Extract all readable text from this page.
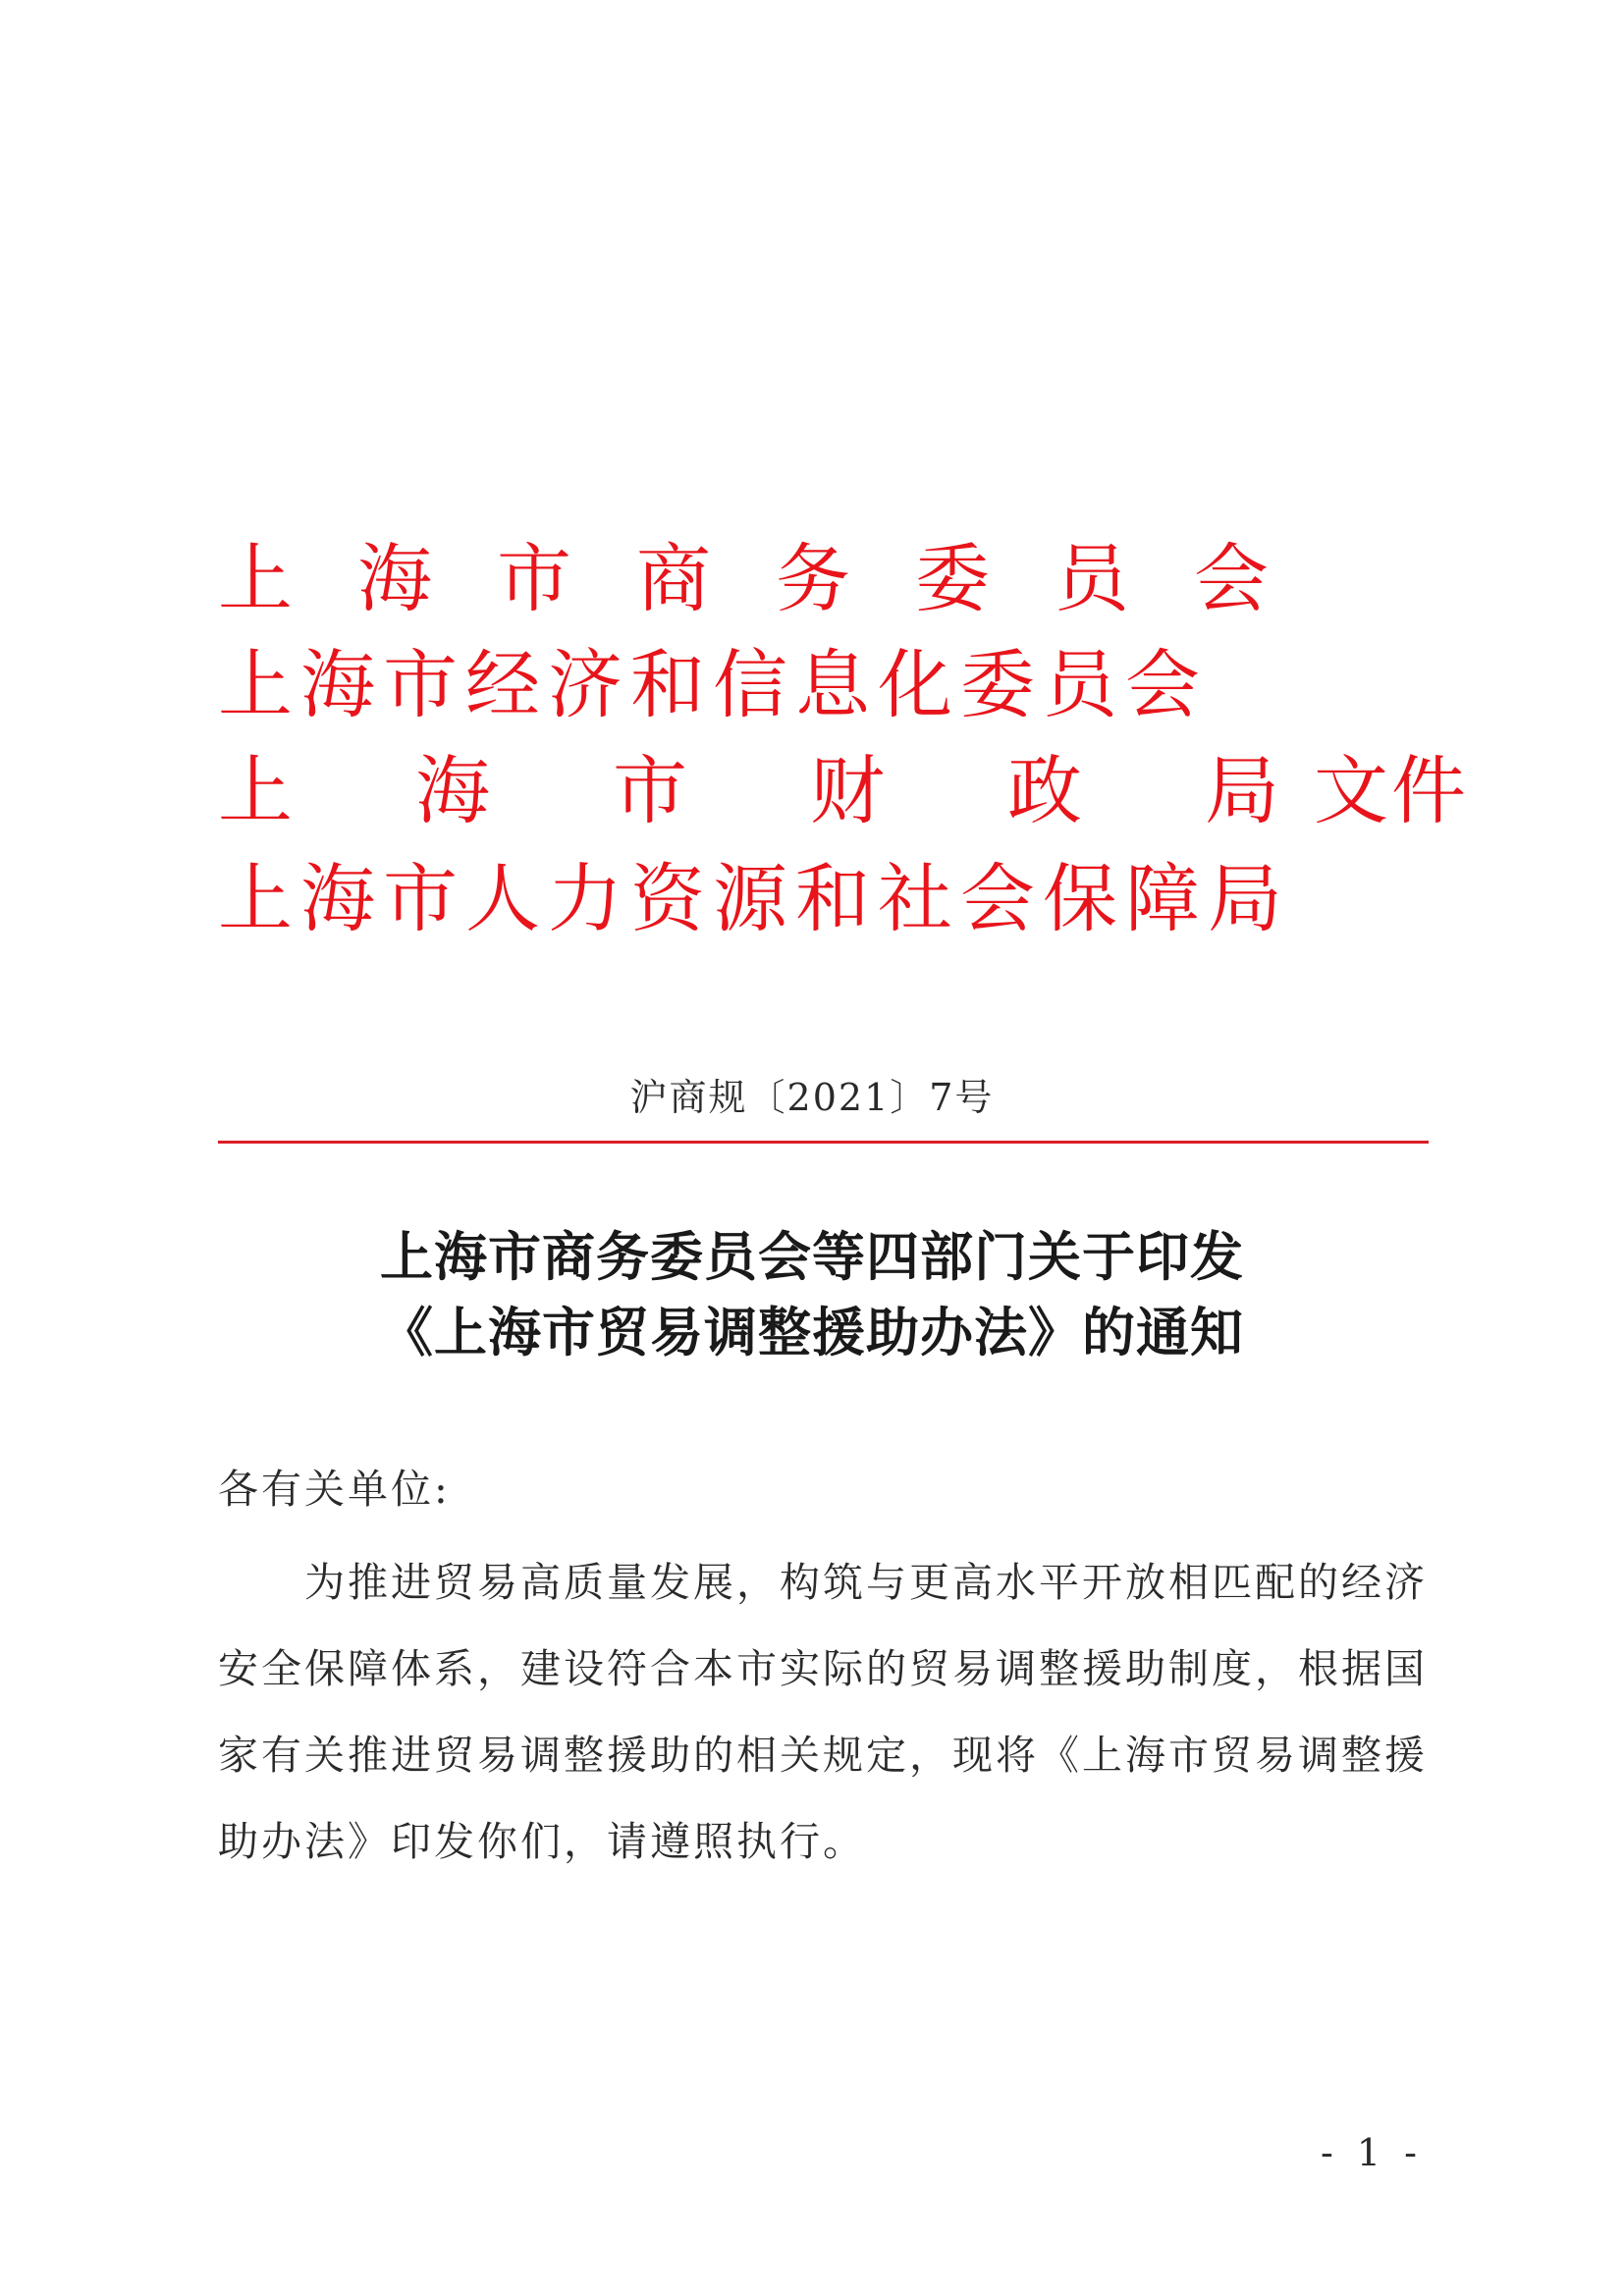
上 海 市 商 务 委 员 会
上海市经济和信息化委员会
上 海 市 财 政 局 文件
上海市人力资源和社会保障局
沪商规〔2021〕7号
上海市商务委员会等四部门关于印发
《上海市贸易调整援助办法》的通知
各有关单位:
　　为推进贸易高质量发展，构筑与更高水平开放相匹配的经济
安全保障体系，建设符合本市实际的贸易调整援助制度，根据国
家有关推进贸易调整援助的相关规定，现将《上海市贸易调整援
助办法》印发你们，请遵照执行。
- 1 -
